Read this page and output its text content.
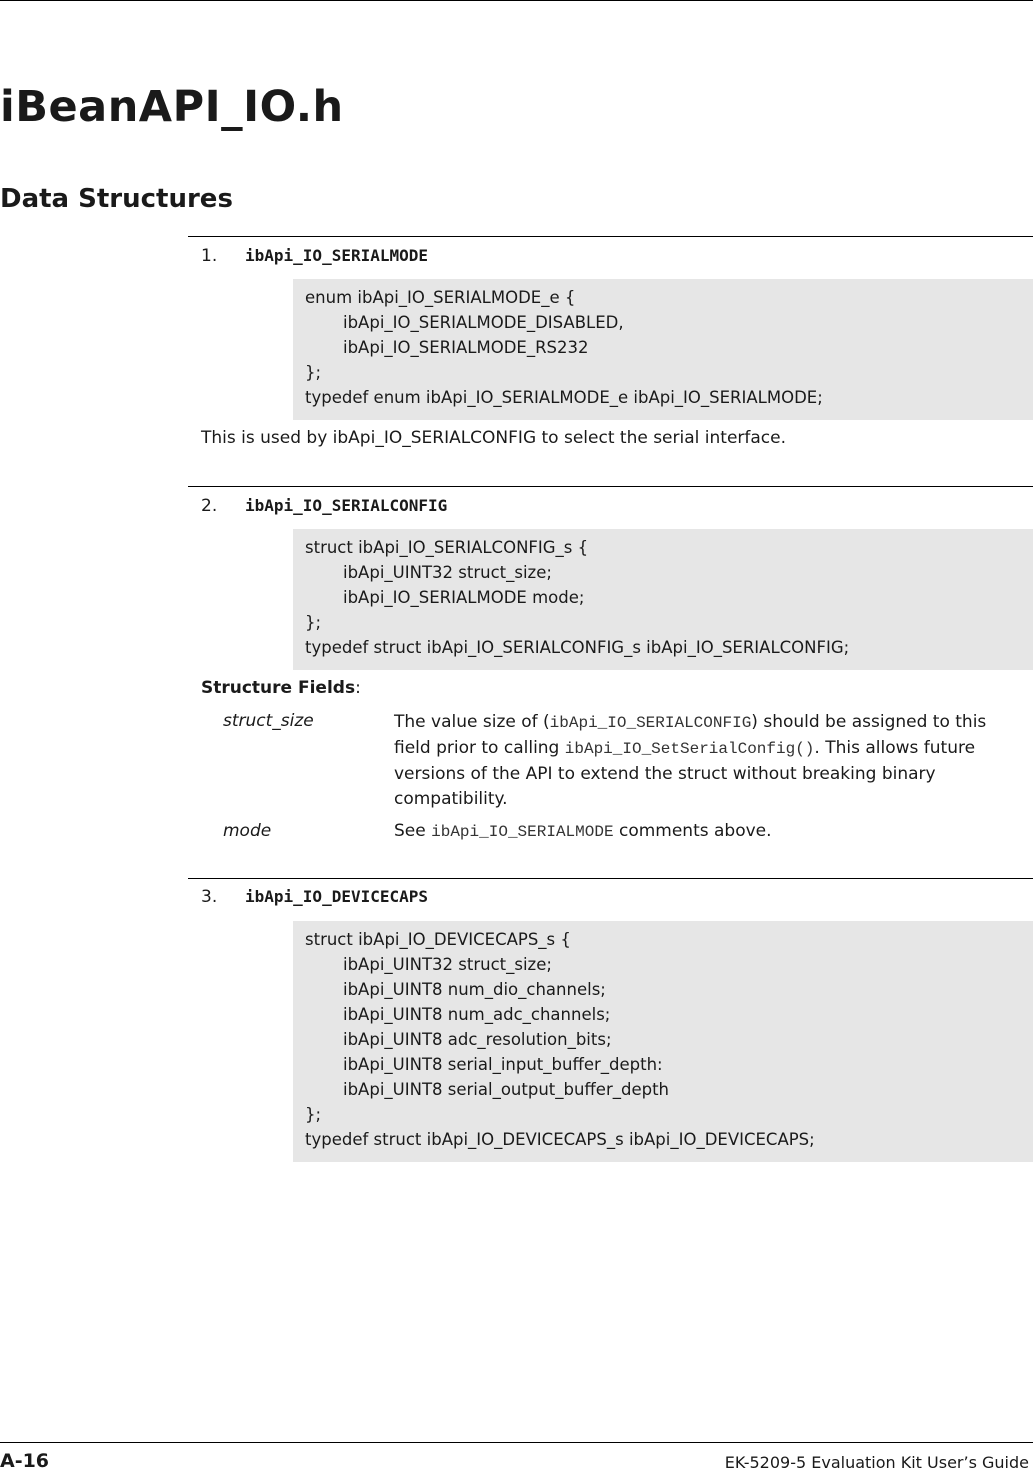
iBeanAPI_IO.h
Data Structures
1. ibApi_IO_SERIALMODE
enum ibApi_IO_SERIALMODE_e {
ibApi_IO_SERIALMODE_DISABLED,
ibApi_IO_SERIALMODE_RS232
};
typedef enum ibApi_IO_SERIALMODE_e ibApi_IO_SERIALMODE;
This is used by ibApi_IO_SERIALCONFIG to select the serial interface.
2. ibApi_IO_SERIALCONFIG
struct ibApi_IO_SERIALCONFIG_s {
ibApi_UINT32 struct_size;
ibApi_IO_SERIALMODE mode;
};
typedef struct ibApi_IO_SERIALCONFIG_s ibApi_IO_SERIALCONFIG;
Structure Fields:
struct_size	The value size of (ibApi_IO_SERIALCONFIG) should be assigned to this field prior to calling ibApi_IO_SetSerialConfig(). This allows future versions of the API to extend the struct without breaking binary compatibility.
mode	See ibApi_IO_SERIALMODE comments above.
3. ibApi_IO_DEVICECAPS
struct ibApi_IO_DEVICECAPS_s {
ibApi_UINT32 struct_size;
ibApi_UINT8 num_dio_channels;
ibApi_UINT8 num_adc_channels;
ibApi_UINT8 adc_resolution_bits;
ibApi_UINT8 serial_input_buffer_depth:
ibApi_UINT8 serial_output_buffer_depth
};
typedef struct ibApi_IO_DEVICECAPS_s ibApi_IO_DEVICECAPS;
A-16	EK-5209-5 Evaluation Kit User’s Guide
